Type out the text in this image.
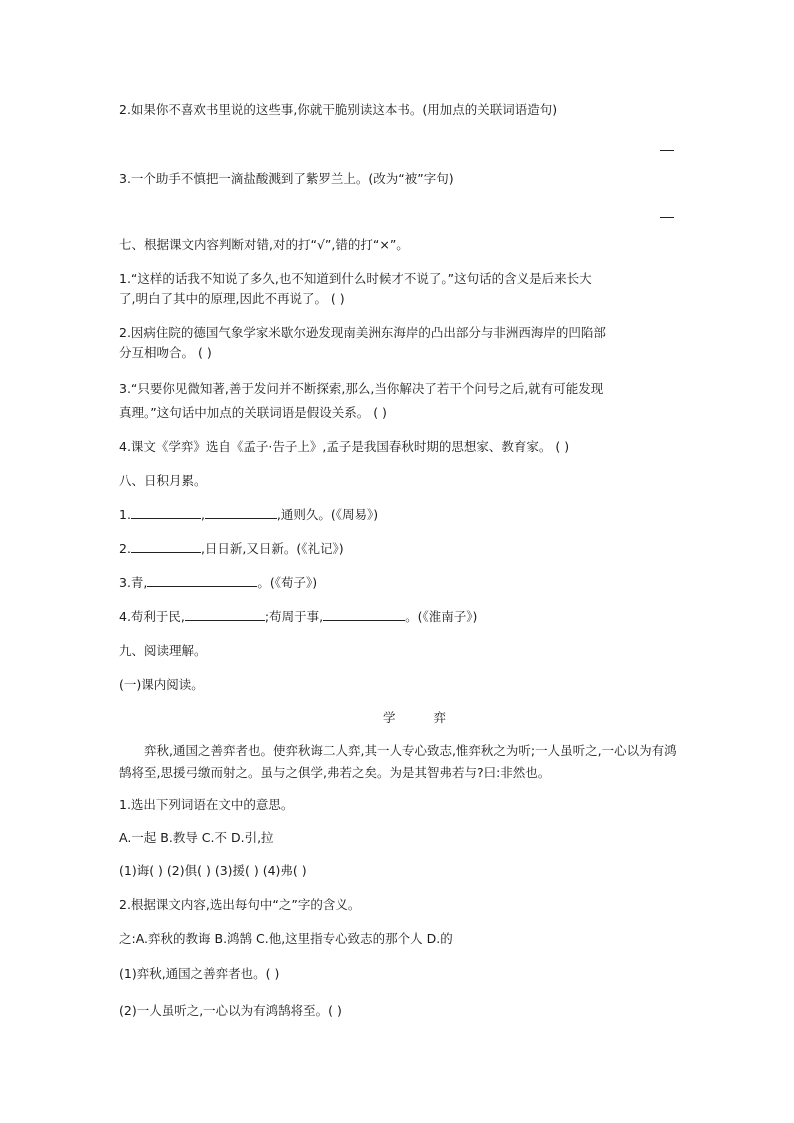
2.如果你不喜欢书里说的这些事,你就干脆别读这本书。(用加点的关联词语造句)
3.一个助手不慎把一滴盐酸溅到了紫罗兰上。(改为“被”字句)
七、根据课文内容判断对错,对的打“√”,错的打“×”。
1.“这样的话我不知说了多久,也不知道到什么时候才不说了。”这句话的含义是后来长大
了,明白了其中的原理,因此不再说了。 ( )
2.因病住院的德国气象学家米歇尔逊发现南美洲东海岸的凸出部分与非洲西海岸的凹陷部
分互相吻合。 ( )
3.“只要你见微知著,善于发问并不断探索,那么,当你解决了若干个问号之后,就有可能发现
真理。”这句话中加点的关联词语是假设关系。 ( )
4.课文《学弈》选自《孟子·告子上》,孟子是我国春秋时期的思想家、教育家。 ( )
八、日积月累。
1.	,	,通则久。(《周易》)
2.	,日日新,又日新。(《礼记》)
3.青,	。(《荀子》)
4.苟利于民,	;苟周于事,	。(《淮南子》)
九、阅读理解。
(一)课内阅读。
学	弈
弈秋,通国之善弈者也。使弈秋诲二人弈,其一人专心致志,惟弈秋之为听;一人虽听之,一心以为有鸿鹄将至,思援弓缴而射之。虽与之俱学,弗若之矣。为是其智弗若与?曰:非然也。
1.选出下列词语在文中的意思。
A.一起 B.教导 C.不 D.引,拉
(1)诲( ) (2)俱( ) (3)援( ) (4)弗( )
2.根据课文内容,选出每句中“之”字的含义。
之:A.弈秋的教诲 B.鸿鹄 C.他,这里指专心致志的那个人 D.的
(1)弈秋,通国之善弈者也。( )
(2)一人虽听之,一心以为有鸿鹄将至。( )
